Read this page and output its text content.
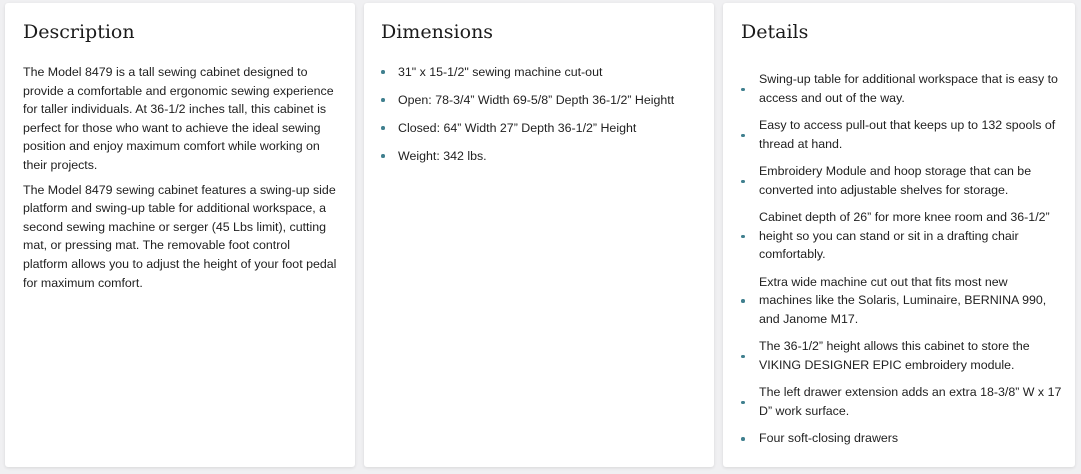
Description

The Model 8479 is a tall sewing cabinet designed to provide a comfortable and ergonomic sewing experience for taller individuals. At 36-1/2 inches tall, this cabinet is perfect for those who want to achieve the ideal sewing position and enjoy maximum comfort while working on their projects.

The Model 8479 sewing cabinet features a swing-up side platform and swing-up table for additional workspace, a second sewing machine or serger (45 Lbs limit), cutting mat, or pressing mat. The removable foot control platform allows you to adjust the height of your foot pedal for maximum comfort.

Dimensions
31" x 15-1/2" sewing machine cut-out
Open: 78-3/4” Width 69-5/8” Depth 36-1/2” Heightt
Closed: 64” Width 27” Depth 36-1/2” Height
Weight: 342 lbs.
Details
Swing-up table for additional workspace that is easy to access and out of the way.
Easy to access pull-out that keeps up to 132 spools of thread at hand.
Embroidery Module and hoop storage that can be converted into adjustable shelves for storage.
Cabinet depth of 26” for more knee room and 36-1/2” height so you can stand or sit in a drafting chair comfortably.
Extra wide machine cut out that fits most new machines like the Solaris, Luminaire, BERNINA 990, and Janome M17.
The 36-1/2” height allows this cabinet to store the VIKING DESIGNER EPIC embroidery module.
The left drawer extension adds an extra 18-3/8” W x 17 D” work surface.
Four soft-closing drawers
